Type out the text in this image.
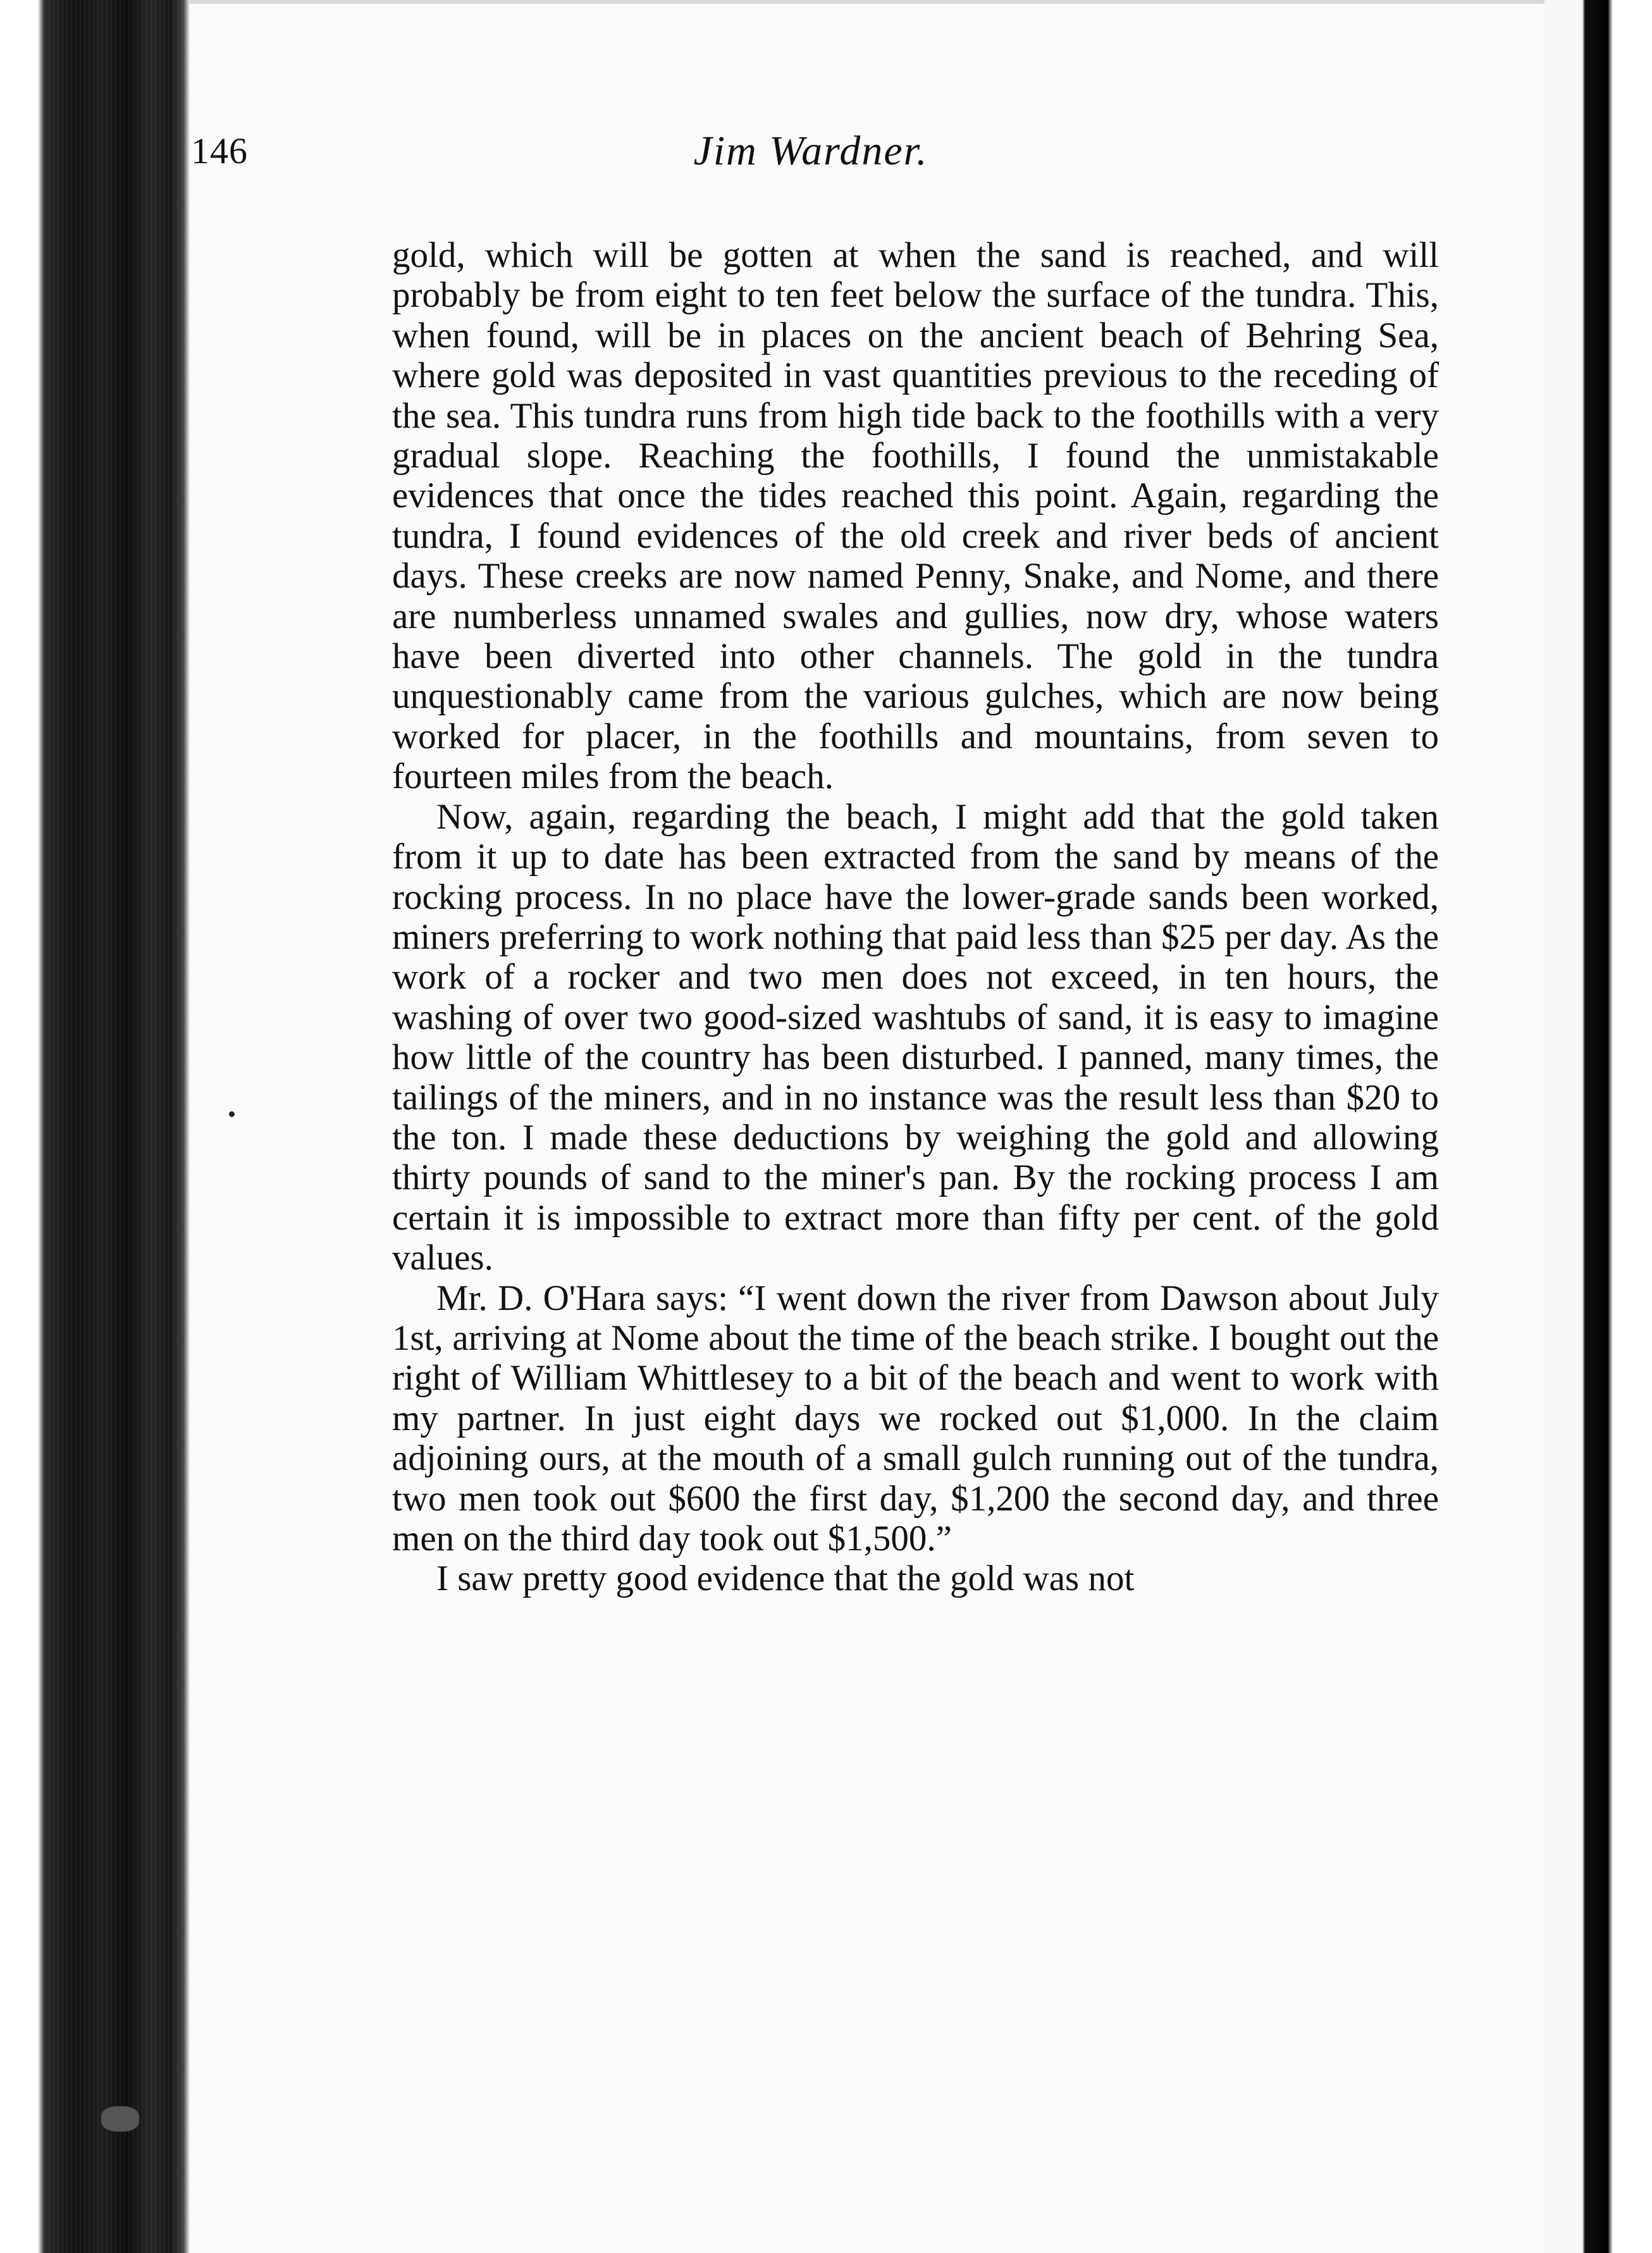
146	Jim Wardner.

gold, which will be gotten at when the sand is reached, and will probably be from eight to ten feet below the surface of the tundra. This, when found, will be in places on the ancient beach of Behring Sea, where gold was deposited in vast quantities previous to the receding of the sea. This tundra runs from high tide back to the foothills with a very gradual slope. Reaching the foothills, I found the unmistakable evidences that once the tides reached this point. Again, regarding the tundra, I found evidences of the old creek and river beds of ancient days. These creeks are now named Penny, Snake, and Nome, and there are numberless unnamed swales and gullies, now dry, whose waters have been diverted into other channels. The gold in the tundra unquestionably came from the various gulches, which are now being worked for placer, in the foothills and mountains, from seven to fourteen miles from the beach.

Now, again, regarding the beach, I might add that the gold taken from it up to date has been extracted from the sand by means of the rocking process. In no place have the lower-grade sands been worked, miners preferring to work nothing that paid less than $25 per day. As the work of a rocker and two men does not exceed, in ten hours, the washing of over two good-sized washtubs of sand, it is easy to imagine how little of the country has been disturbed. I panned, many times, the tailings of the miners, and in no instance was the result less than $20 to the ton. I made these deductions by weighing the gold and allowing thirty pounds of sand to the miner's pan. By the rocking process I am certain it is impossible to extract more than fifty per cent. of the gold values.

Mr. D. O'Hara says: “I went down the river from Dawson about July 1st, arriving at Nome about the time of the beach strike. I bought out the right of William Whittlesey to a bit of the beach and went to work with my partner. In just eight days we rocked out $1,000. In the claim adjoining ours, at the mouth of a small gulch running out of the tundra, two men took out $600 the first day, $1,200 the second day, and three men on the third day took out $1,500.”

I saw pretty good evidence that the gold was not
